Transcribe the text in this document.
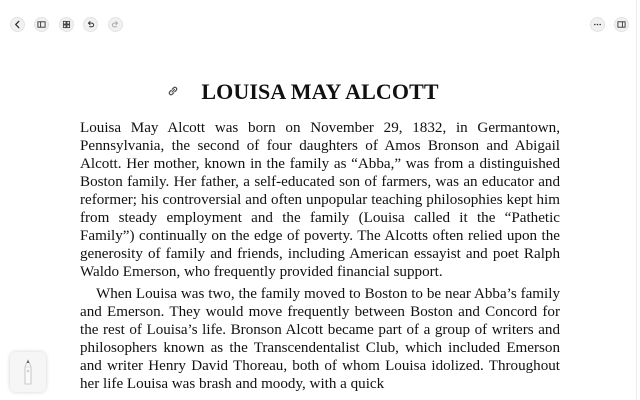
LOUISA MAY ALCOTT

Louisa May Alcott was born on November 29, 1832, in Germantown, Pennsylvania, the second of four daughters of Amos Bronson and Abigail Alcott. Her mother, known in the family as “Abba,” was from a distinguished Boston family. Her father, a self-educated son of farmers, was an educator and reformer; his controversial and often unpopular teaching philosophies kept him from steady employment and the family (Louisa called it the “Pathetic Family”) continually on the edge of poverty. The Alcotts often relied upon the generosity of family and friends, including American essayist and poet Ralph Waldo Emerson, who frequently provided financial support.

When Louisa was two, the family moved to Boston to be near Abba’s family and Emerson. They would move frequently between Boston and Concord for the rest of Louisa’s life. Bronson Alcott became part of a group of writers and philosophers known as the Transcendentalist Club, which included Emerson and writer Henry David Thoreau, both of whom Louisa idolized. Throughout her life Louisa was brash and moody, with a quick
